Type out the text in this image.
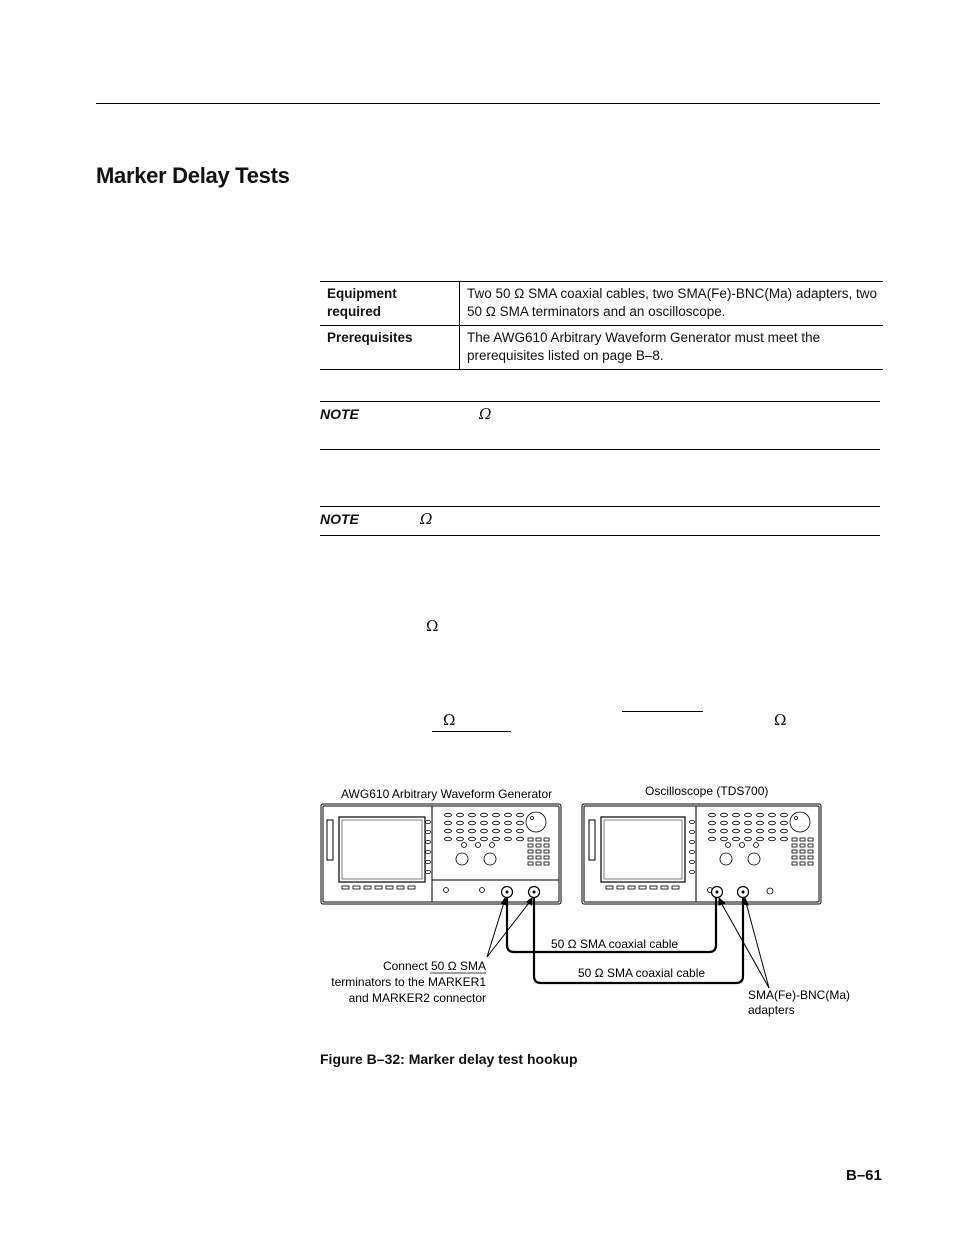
Marker Delay Tests
Equipment required	Two 50 Ω SMA coaxial cables, two SMA(Fe)-BNC(Ma) adapters, two 50 Ω SMA terminators and an oscilloscope.
Prerequisites	The AWG610 Arbitrary Waveform Generator must meet the prerequisites listed on page B–8.
NOTE	Ω
NOTE	Ω
Ω
Ω	Ω
AWG610 Arbitrary Waveform Generator	Oscilloscope (TDS700)
50 Ω SMA coaxial cable
50 Ω SMA coaxial cable
Connect 50 Ω SMA
terminators to the MARKER1
and MARKER2 connector	SMA(Fe)-BNC(Ma)
adapters
Figure B–32: Marker delay test hookup
B–61
